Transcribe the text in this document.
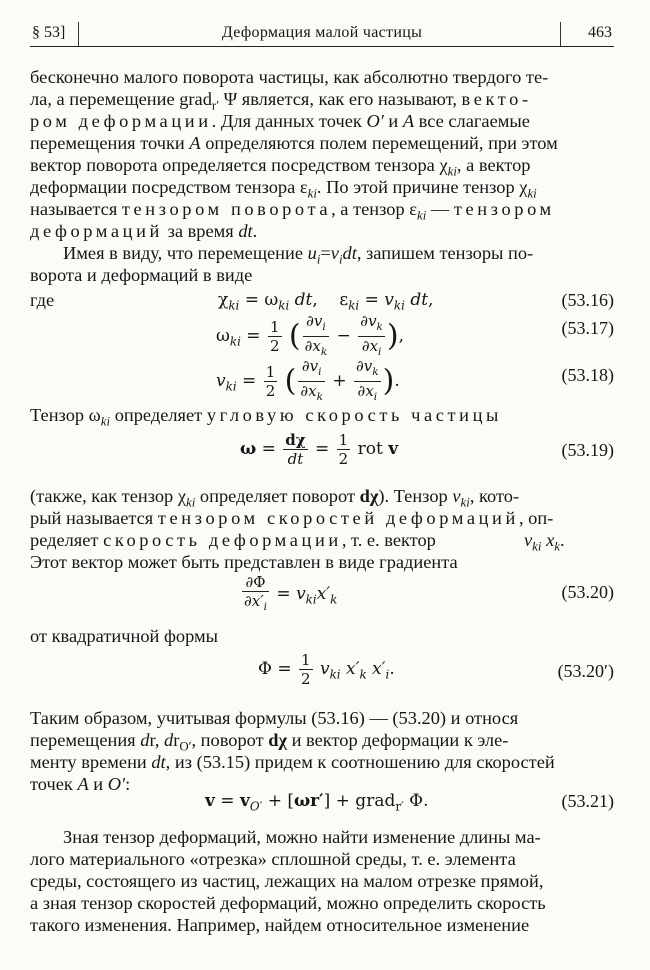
§ 53]	Деформация малой частицы	463
бесконечно малого поворота частицы, как абсолютно твердого те-
ла, а перемещение grad$_{r'}$ Ψ является, как его называют, векто-
ром деформации. Для данных точек O′ и A все слагаемые
перемещения точки A определяются полем перемещений, при этом
вектор поворота определяется посредством тензора $\chi_{ki}$, а вектор
деформации посредством тензора $\varepsilon_{ki}$. По этой причине тензор $\chi_{ki}$
называется тензором поворота, а тензор $\varepsilon_{ki}$ — тензором
деформаций за время dt.
Имея в виду, что перемещение $u_i=v_idt$, запишем тензоры по-
ворота и деформаций в виде
$\chi_{ki} = \omega_{ki}$ dt,    $\varepsilon_{ki} = v_{ki}$ dt,	(53.16)
где
$\omega_{ki} = \frac{1}{2}$ ( $\frac{\partial v_i}{\partial x_k} - \frac{\partial v_k}{\partial x_i}$ ),	(53.17)
$v_{ki} = \frac{1}{2}$ ( $\frac{\partial v_i}{\partial x_k} + \frac{\partial v_k}{\partial x_i}$ ).	(53.18)
Тензор $\omega_{ki}$ определяет угловую скорость частицы
$\omega = \frac{d\chi}{dt} = \frac{1}{2}$ rot v	(53.19)
(также, как тензор $\chi_{ki}$ определяет поворот dχ). Тензор $v_{ki}$, кото-
рый называется тензором скоростей деформаций, оп-
ределяет скорость деформации, т. е. вектор	$v_{ki}$ $x_k$.
Этот вектор может быть представлен в виде градиента
$\frac{\partial\Phi}{\partial x'_i} = v_{ki}x'_k$	(53.20)
от квадратичной формы
$\Phi = \frac{1}{2} v_{ki}$ $x'_k$ $x'_i$.	(53.20′)
Таким образом, учитывая формулы (53.16) — (53.20) и относя
перемещения dr, $dr_{O'}$, поворот dχ и вектор деформации к эле-
менту времени dt, из (53.15) придем к соотношению для скоростей
точек A и O′:
$v = v_{O'} + [\omega r']$ + grad$_{r'}$ Φ.	(53.21)
Зная тензор деформаций, можно найти изменение длины ма-
лого материального «отрезка» сплошной среды, т. е. элемента
среды, состоящего из частиц, лежащих на малом отрезке прямой,
а зная тензор скоростей деформаций, можно определить скорость
такого изменения. Например, найдем относительное изменение
